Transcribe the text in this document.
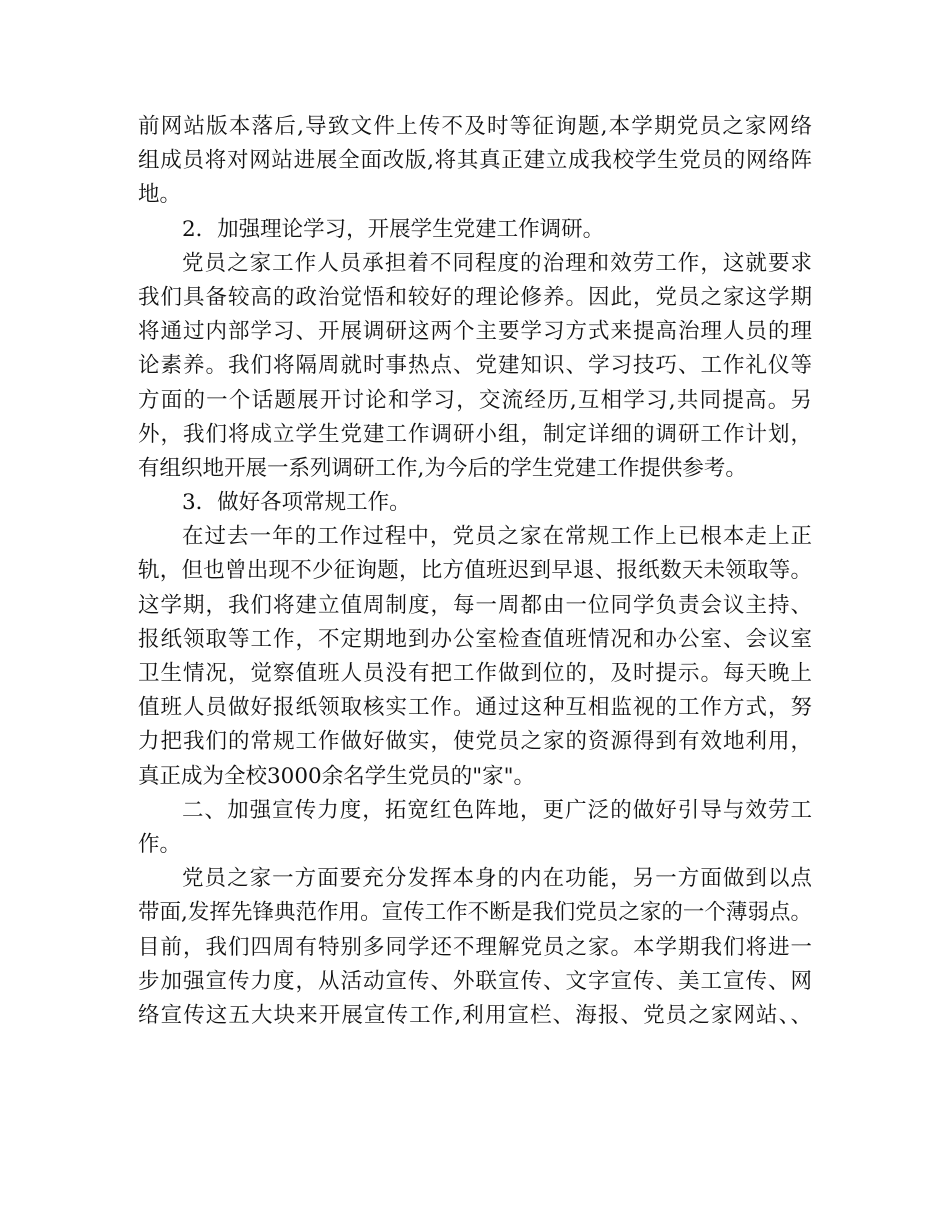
前网站版本落后,导致文件上传不及时等征询题,本学期党员之家网络
组成员将对网站进展全面改版,将其真正建立成我校学生党员的网络阵
地。
2．加强理论学习，开展学生党建工作调研。
党员之家工作人员承担着不同程度的治理和效劳工作，这就要求
我们具备较高的政治觉悟和较好的理论修养。因此，党员之家这学期
将通过内部学习、开展调研这两个主要学习方式来提高治理人员的理
论素养。我们将隔周就时事热点、党建知识、学习技巧、工作礼仪等
方面的一个话题展开讨论和学习，交流经历,互相学习,共同提高。另
外，我们将成立学生党建工作调研小组，制定详细的调研工作计划，
有组织地开展一系列调研工作,为今后的学生党建工作提供参考。
3．做好各项常规工作。
在过去一年的工作过程中，党员之家在常规工作上已根本走上正
轨，但也曾出现不少征询题，比方值班迟到早退、报纸数天未领取等。
这学期，我们将建立值周制度，每一周都由一位同学负责会议主持、
报纸领取等工作，不定期地到办公室检查值班情况和办公室、会议室
卫生情况，觉察值班人员没有把工作做到位的，及时提示。每天晚上
值班人员做好报纸领取核实工作。通过这种互相监视的工作方式，努
力把我们的常规工作做好做实，使党员之家的资源得到有效地利用，
真正成为全校3000余名学生党员的"家"。
二、加强宣传力度，拓宽红色阵地，更广泛的做好引导与效劳工
作。
党员之家一方面要充分发挥本身的内在功能，另一方面做到以点
带面,发挥先锋典范作用。宣传工作不断是我们党员之家的一个薄弱点。
目前，我们四周有特别多同学还不理解党员之家。本学期我们将进一
步加强宣传力度，从活动宣传、外联宣传、文字宣传、美工宣传、网
络宣传这五大块来开展宣传工作,利用宣栏、海报、党员之家网站、、
